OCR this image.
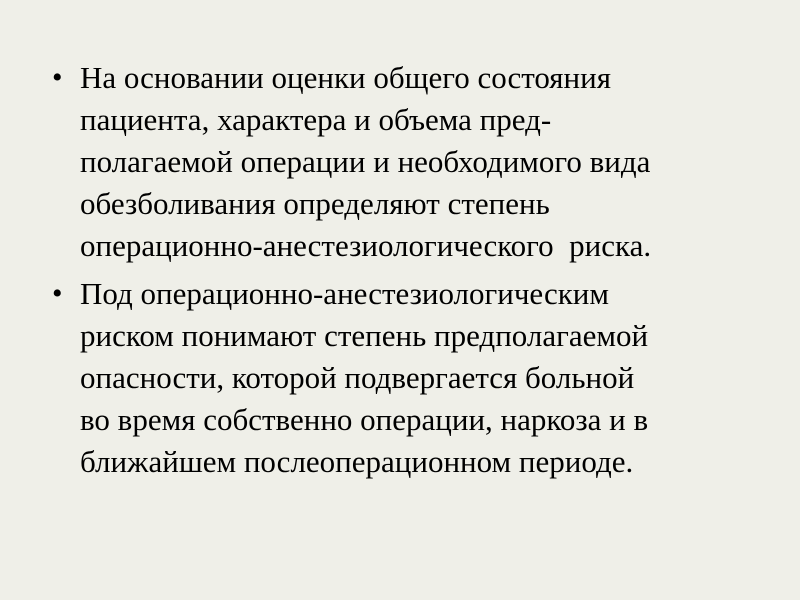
• На основании оценки общего состояния
пациента, характера и объема пред-
полагаемой операции и необходимого вида
обезболивания определяют степень
операционно-анестезиологического  риска.
• Под операционно-анестезиологическим
риском понимают степень предполагаемой
опасности, которой подвергается больной
во время собственно операции, наркоза и в
ближайшем послеоперационном периоде.
